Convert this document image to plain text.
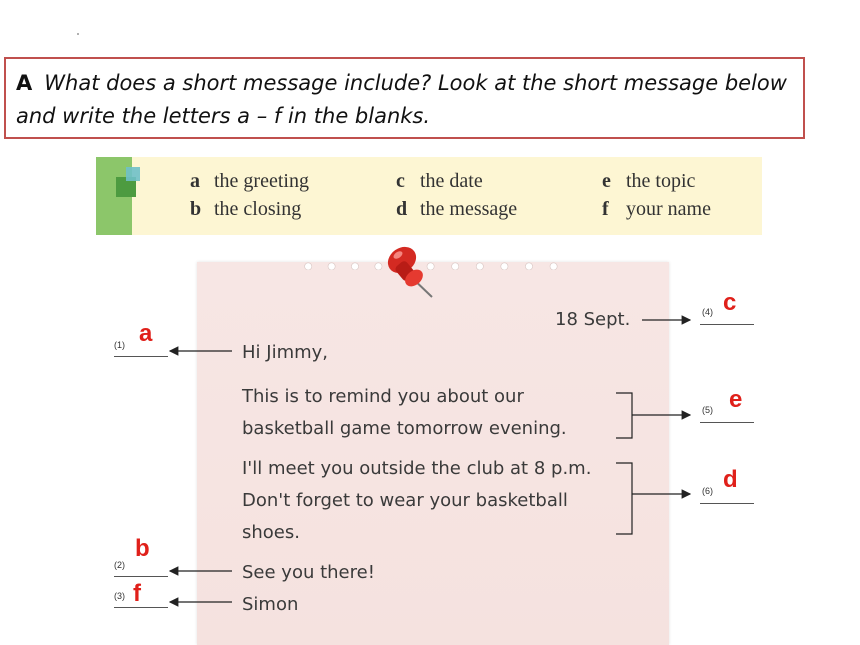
A What does a short message include? Look at the short message below and write the letters a – f in the blanks.
a the greeting
b the closing
c the date
d the message
e the topic
f your name
18 Sept.
Hi Jimmy,
This is to remind you about our
basketball game tomorrow evening.
I'll meet you outside the club at 8 p.m.
Don't forget to wear your basketball
shoes.
See you there!
Simon
(1) a
(2)
b
(3) f
(4) c
(5) e
(6) d
